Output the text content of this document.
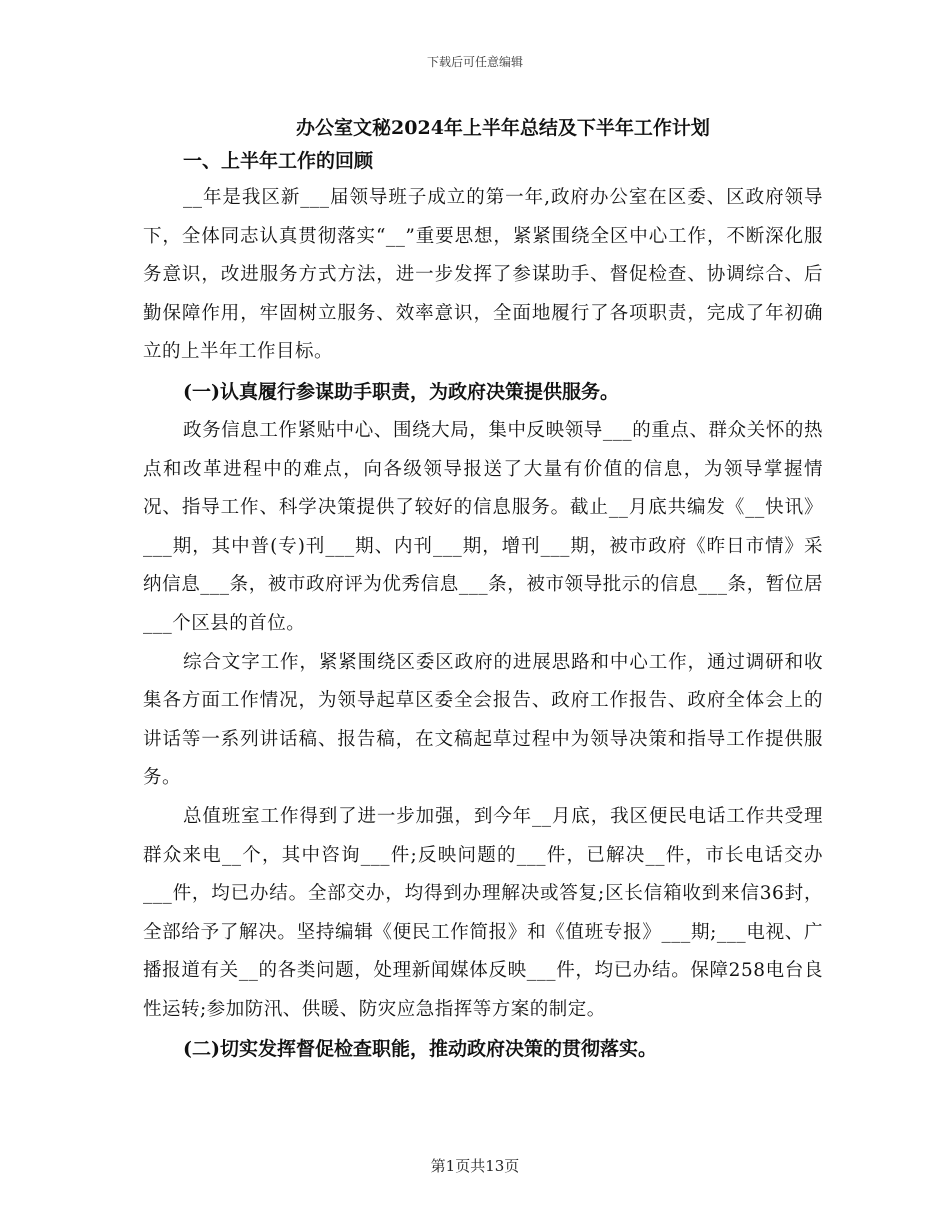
下载后可任意编辑

办公室文秘2024年上半年总结及下半年工作计划

一、上半年工作的回顾

__年是我区新___届领导班子成立的第一年,政府办公室在区委、区政府领导下，全体同志认真贯彻落实“__”重要思想，紧紧围绕全区中心工作，不断深化服务意识，改进服务方式方法，进一步发挥了参谋助手、督促检查、协调综合、后勤保障作用，牢固树立服务、效率意识，全面地履行了各项职责，完成了年初确立的上半年工作目标。

(一)认真履行参谋助手职责，为政府决策提供服务。

政务信息工作紧贴中心、围绕大局，集中反映领导___的重点、群众关怀的热点和改革进程中的难点，向各级领导报送了大量有价值的信息，为领导掌握情况、指导工作、科学决策提供了较好的信息服务。截止__月底共编发《__快讯》___期，其中普(专)刊___期、内刊___期，增刊___期，被市政府《昨日市情》采纳信息___条，被市政府评为优秀信息___条，被市领导批示的信息___条，暂位居___个区县的首位。

综合文字工作，紧紧围绕区委区政府的进展思路和中心工作，通过调研和收集各方面工作情况，为领导起草区委全会报告、政府工作报告、政府全体会上的讲话等一系列讲话稿、报告稿，在文稿起草过程中为领导决策和指导工作提供服务。

总值班室工作得到了进一步加强，到今年__月底，我区便民电话工作共受理群众来电__个，其中咨询___件;反映问题的___件，已解决__件，市长电话交办___件，均已办结。全部交办，均得到办理解决或答复;区长信箱收到来信36封，全部给予了解决。坚持编辑《便民工作简报》和《值班专报》___期;___电视、广播报道有关__的各类问题，处理新闻媒体反映___件，均已办结。保障258电台良性运转;参加防汛、供暖、防灾应急指挥等方案的制定。

(二)切实发挥督促检查职能，推动政府决策的贯彻落实。

第1页共13页
